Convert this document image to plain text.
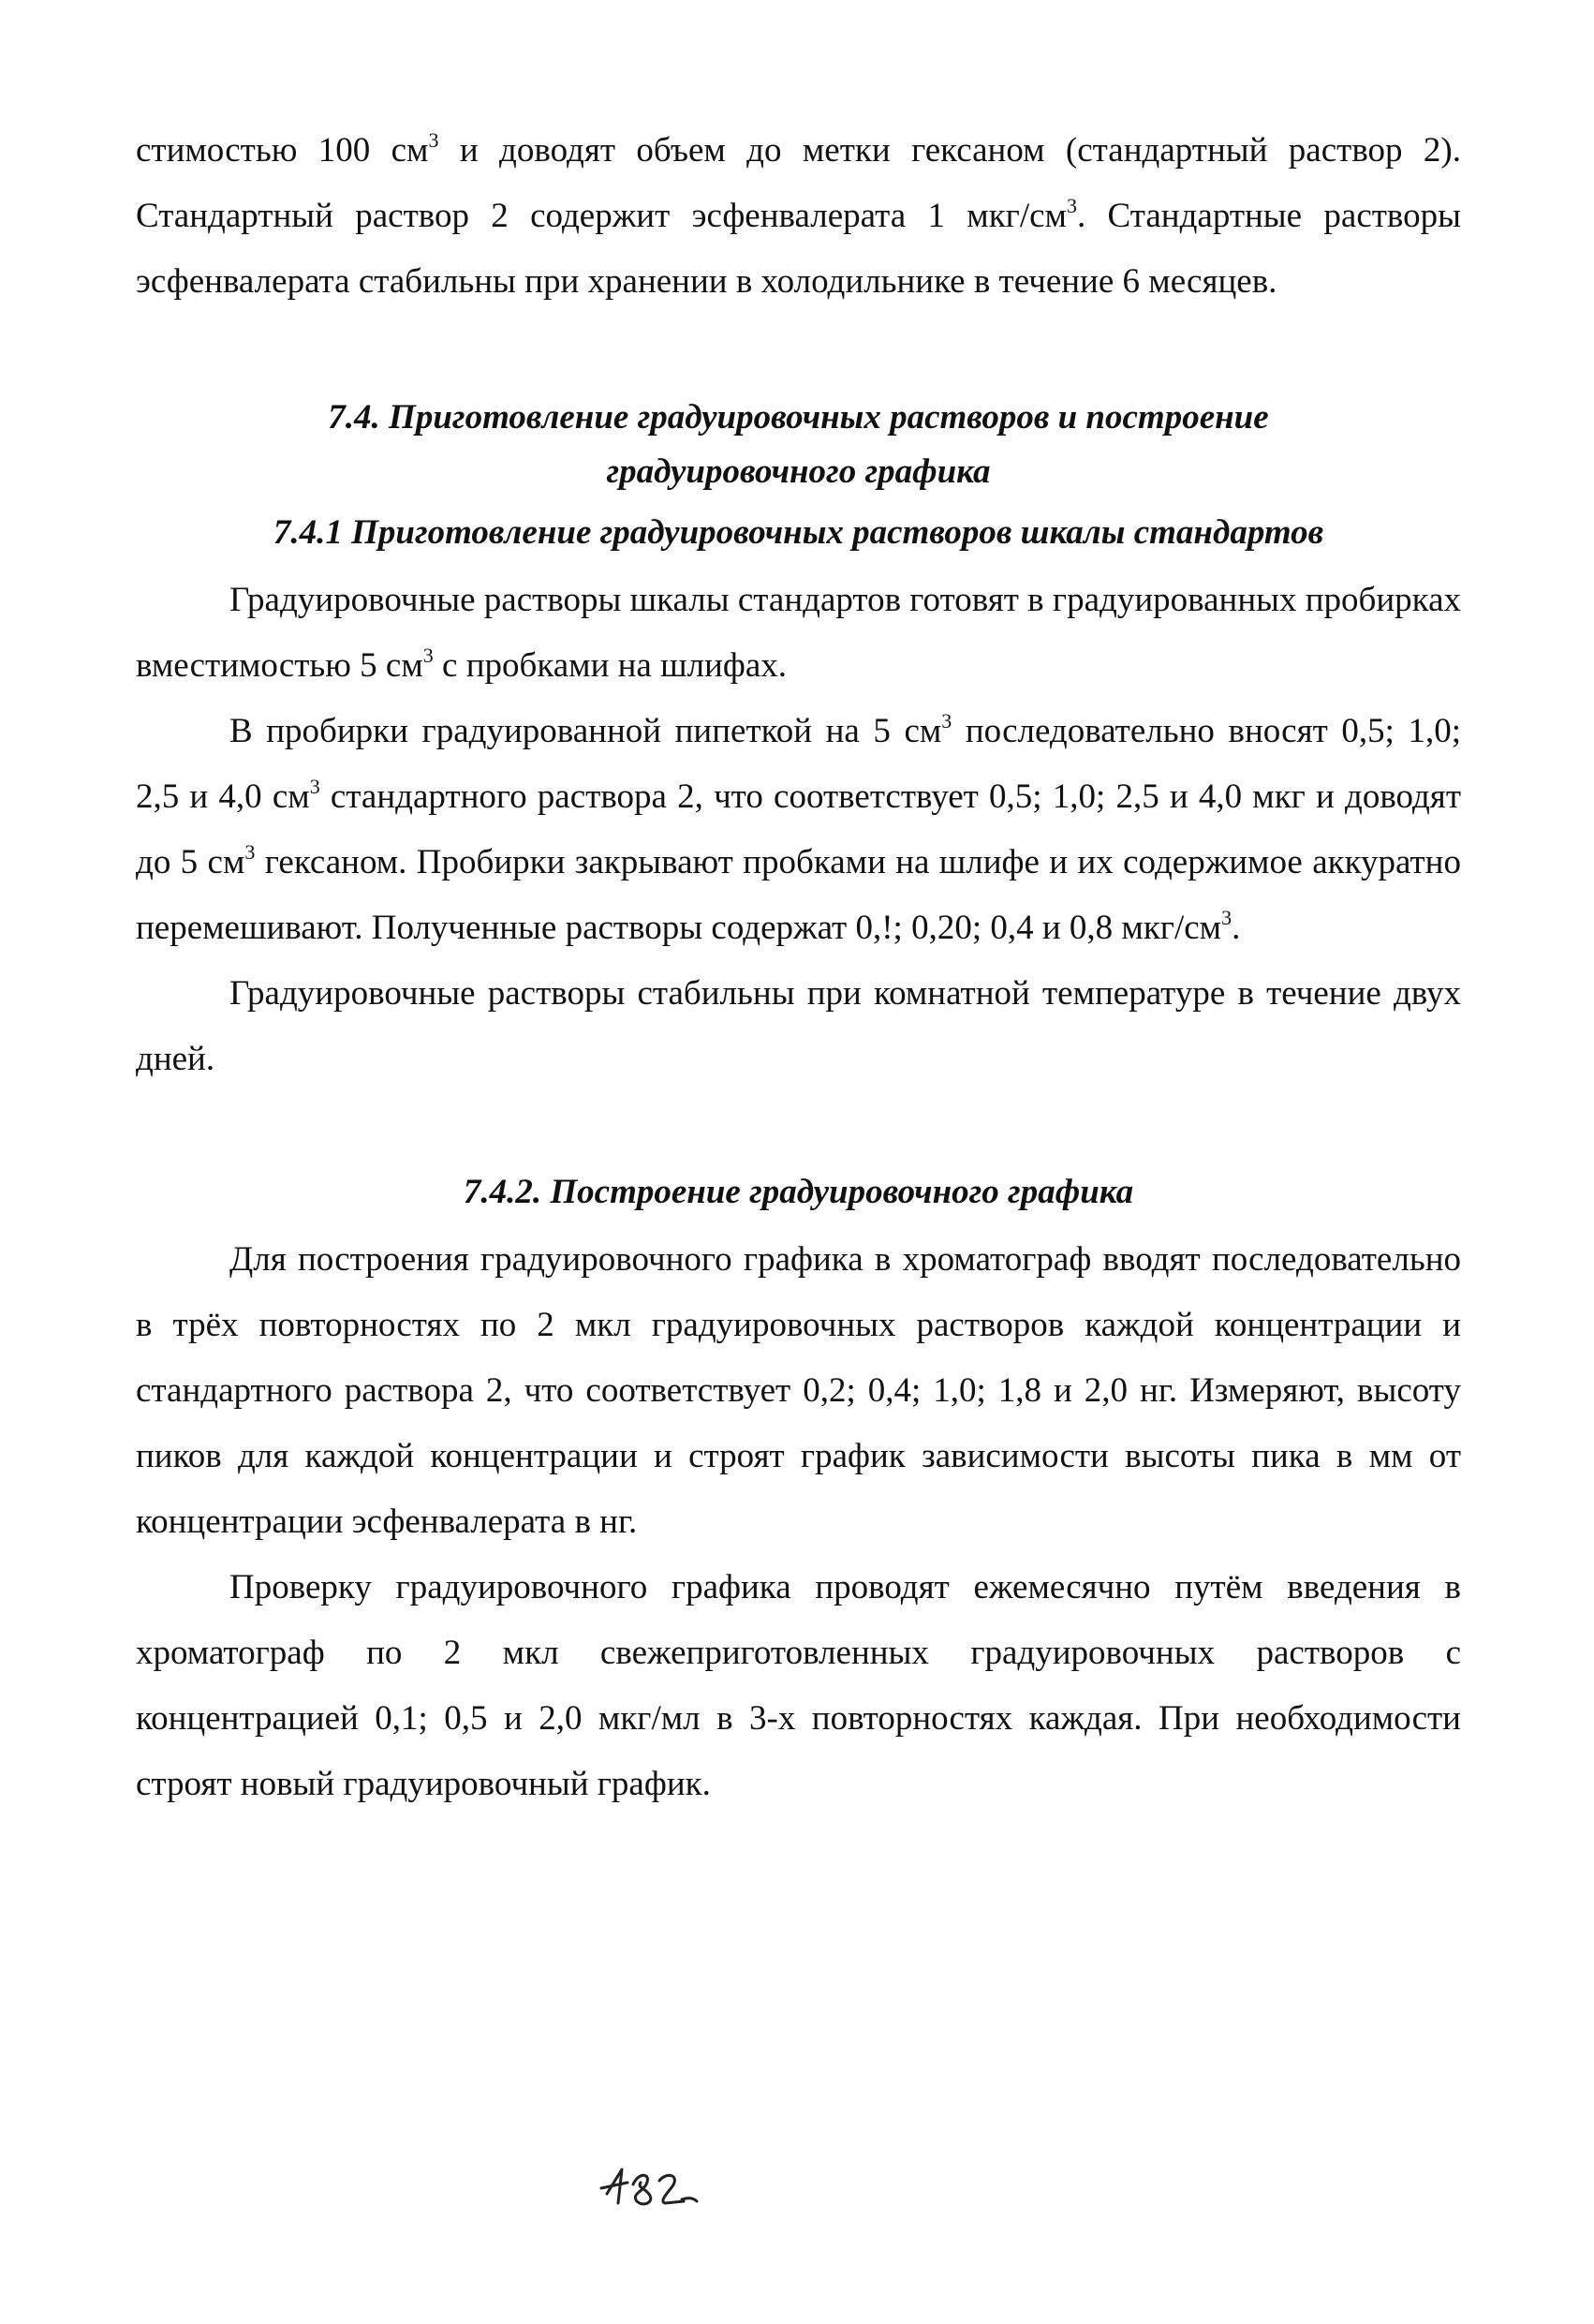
стимостью 100 $см^3$ и доводят объем до метки гексаном (стандартный раствор 2). Стандартный раствор 2 содержит эсфенвалерата 1 мкг/$см^3$. Стандартные растворы эсфенвалерата стабильны при хранении в холодильнике в течение 6 месяцев.

7.4. Приготовление градуировочных растворов и построение
градуировочного графика
7.4.1 Приготовление градуировочных растворов шкалы стандартов

Градуировочные растворы шкалы стандартов готовят в градуированных пробирках вместимостью 5 $см^3$ с пробками на шлифах.

В пробирки градуированной пипеткой на 5 $см^3$ последовательно вносят 0,5; 1,0; 2,5 и 4,0 $см^3$ стандартного раствора 2, что соответствует 0,5; 1,0; 2,5 и 4,0 мкг и доводят до 5 $см^3$ гексаном. Пробирки закрывают пробками на шлифе и их содержимое аккуратно перемешивают. Полученные растворы содержат 0,!; 0,20; 0,4 и 0,8 мкг/$см^3$.

Градуировочные растворы стабильны при комнатной температуре в течение двух дней.

7.4.2. Построение градуировочного графика

Для построения градуировочного графика в хроматограф вводят последовательно в трёх повторностях по 2 мкл градуировочных растворов каждой концентрации и стандартного раствора 2, что соответствует 0,2; 0,4; 1,0; 1,8 и 2,0 нг. Измеряют, высоту пиков для каждой концентрации и строят график зависимости высоты пика в мм от концентрации эсфенвалерата в нг.

Проверку градуировочного графика проводят ежемесячно путём введения в хроматограф по 2 мкл свежеприготовленных градуировочных растворов с концентрацией 0,1; 0,5 и 2,0 мкг/мл в 3-х повторностях каждая. При необходимости строят новый градуировочный график.
